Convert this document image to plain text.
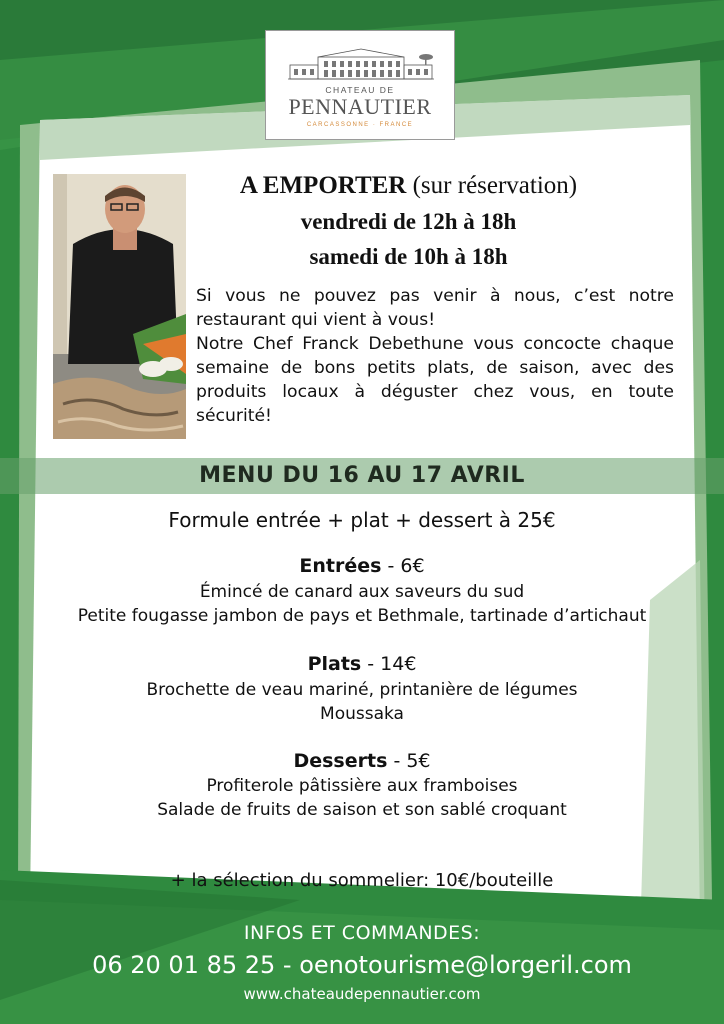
CHATEAU DE
PENNAUTIER
CARCASSONNE · FRANCE
A EMPORTER (sur réservation)
vendredi de 12h à 18h
samedi de 10h à 18h

Si vous ne pouvez pas venir à nous, c’est notre restaurant qui vient à vous!

Notre Chef Franck Debethune vous concocte chaque semaine de bons petits plats, de saison, avec des produits locaux à déguster chez vous, en toute sécurité!

MENU DU 16 AU 17 AVRIL
Formule entrée + plat + dessert à 25€
Entrées - 6€
Émincé de canard aux saveurs du sud
Petite fougasse jambon de pays et Bethmale, tartinade d’artichaut
Plats - 14€
Brochette de veau mariné, printanière de légumes
Moussaka
Desserts - 5€
Profiterole pâtissière aux framboises
Salade de fruits de saison et son sablé croquant
+ la sélection du sommelier: 10€/bouteille
INFOS ET COMMANDES:
06 20 01 85 25 - oenotourisme@lorgeril.com
www.chateaudepennautier.com
